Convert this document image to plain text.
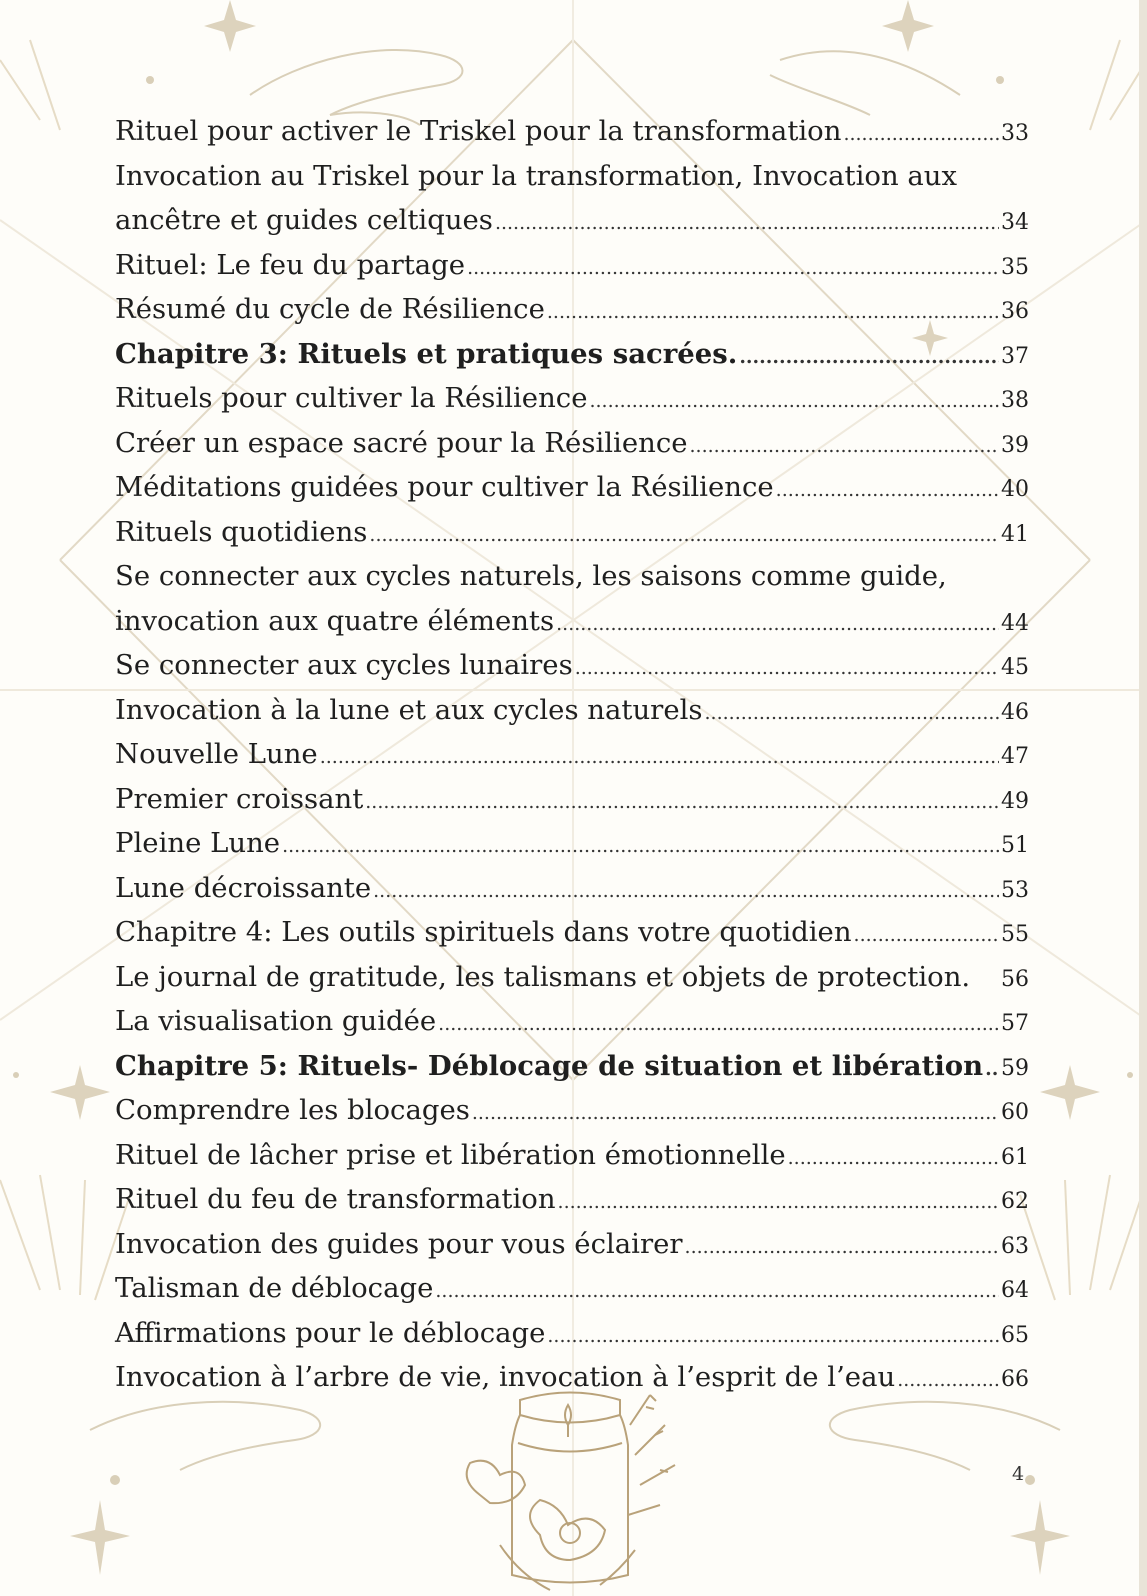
Rituel pour activer le Triskel pour la transformation .....	33
Invocation au Triskel pour la transformation, Invocation aux
ancêtre et guides celtiques .....	34
Rituel: Le feu du partage .....	35
Résumé du cycle de Résilience .....	36
Chapitre 3: Rituels et pratiques sacrées. .....	37
Rituels pour cultiver la Résilience .....	38
Créer un espace sacré pour la Résilience .....	39
Méditations guidées pour cultiver la Résilience .....	40
Rituels quotidiens .....	41
Se connecter aux cycles naturels, les saisons comme guide,
invocation aux quatre éléments .....	44
Se connecter aux cycles lunaires .....	45
Invocation à la lune et aux cycles naturels .....	46
Nouvelle Lune .....	47
Premier croissant .....	49
Pleine Lune .....	51
Lune décroissante .....	53
Chapitre 4: Les outils spirituels dans votre quotidien .....	55
Le journal de gratitude, les talismans et objets de protection. 56
La visualisation guidée .....	57
Chapitre 5: Rituels- Déblocage de situation et libération ..... 59
Comprendre les blocages .....	60
Rituel de lâcher prise et libération émotionnelle .....	61
Rituel du feu de transformation .....	62
Invocation des guides pour vous éclairer .....	63
Talisman de déblocage .....	64
Affirmations pour le déblocage .....	65
Invocation à l’arbre de vie, invocation à l’esprit de l’eau .....	66
4
